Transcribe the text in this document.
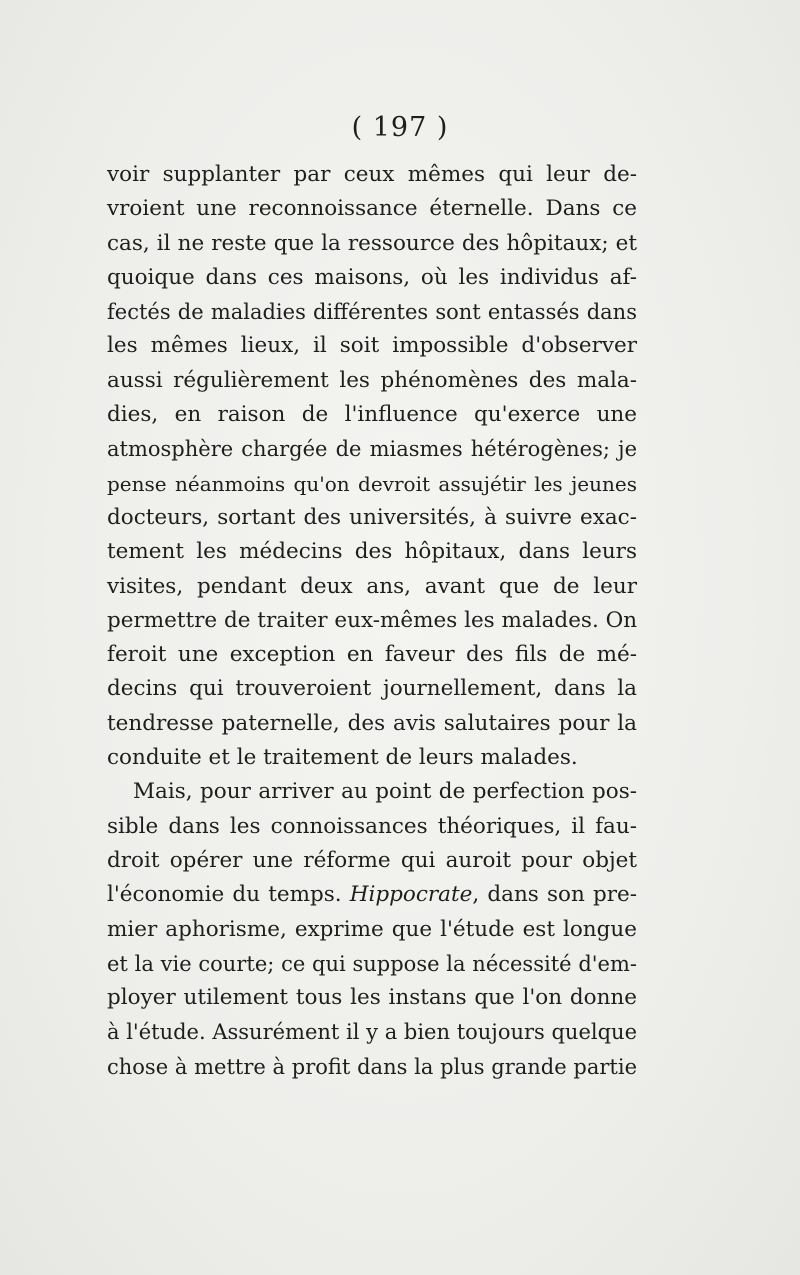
( 197 )
voir supplanter par ceux mêmes qui leur de-
vroient une reconnoissance éternelle. Dans ce
cas, il ne reste que la ressource des hôpitaux; et
quoique dans ces maisons, où les individus af-
fectés de maladies différentes sont entassés dans
les mêmes lieux, il soit impossible d'observer
aussi régulièrement les phénomènes des mala-
dies, en raison de l'influence qu'exerce une
atmosphère chargée de miasmes hétérogènes; je
pense néanmoins qu'on devroit assujétir les jeunes
docteurs, sortant des universités, à suivre exac-
tement les médecins des hôpitaux, dans leurs
visites, pendant deux ans, avant que de leur
permettre de traiter eux-mêmes les malades. On
feroit une exception en faveur des fils de mé-
decins qui trouveroient journellement, dans la
tendresse paternelle, des avis salutaires pour la
conduite et le traitement de leurs malades.
Mais, pour arriver au point de perfection pos-
sible dans les connoissances théoriques, il fau-
droit opérer une réforme qui auroit pour objet
l'économie du temps. Hippocrate, dans son pre-
mier aphorisme, exprime que l'étude est longue
et la vie courte; ce qui suppose la nécessité d'em-
ployer utilement tous les instans que l'on donne
à l'étude. Assurément il y a bien toujours quelque
chose à mettre à profit dans la plus grande partie
